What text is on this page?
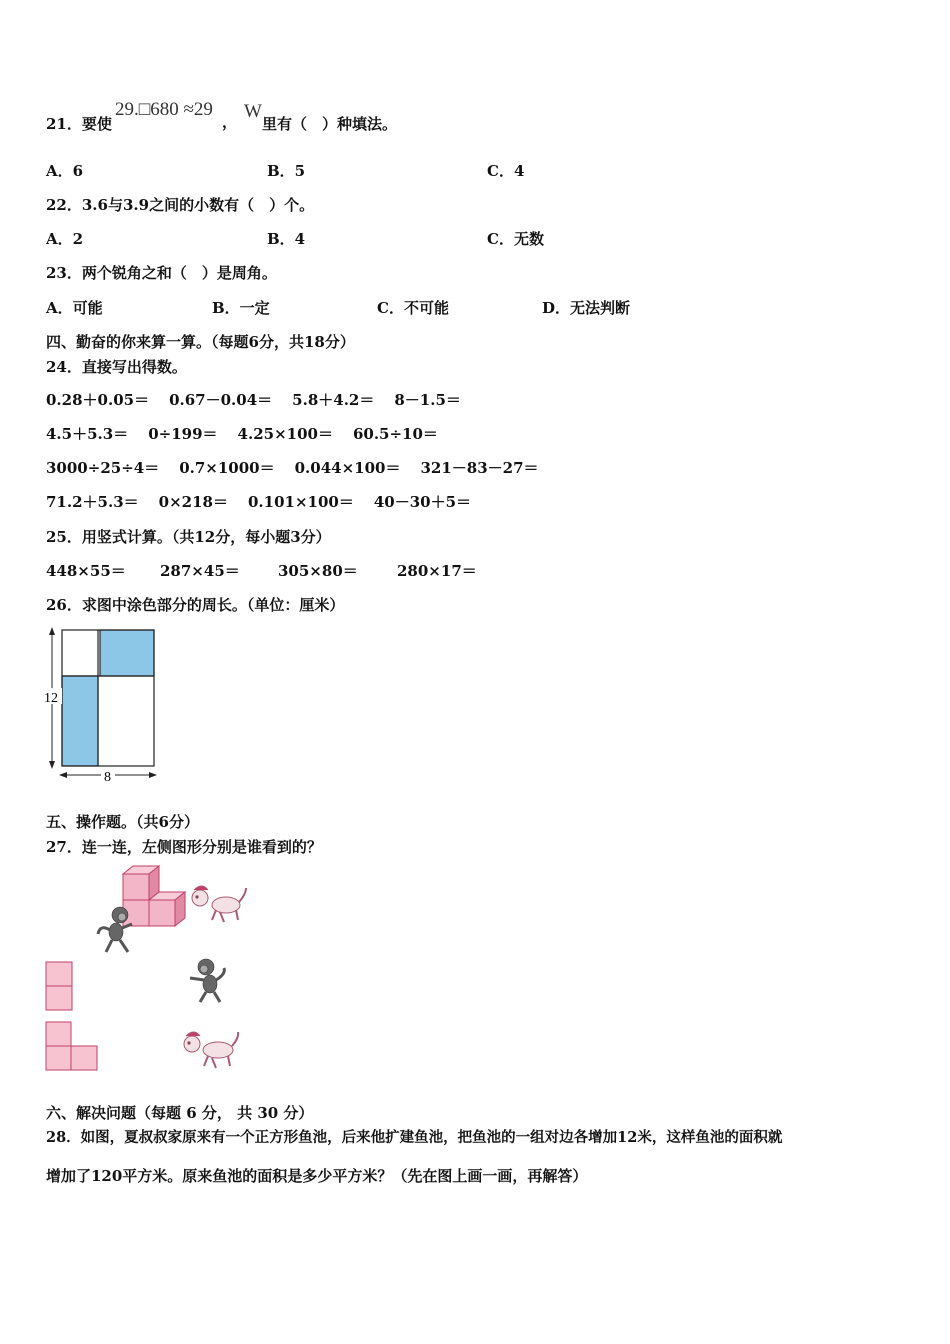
21．要使
29.□680 ≈29
， W
里有（　）种填法。
A．6	B．5	C．4
22．3.6与3.9之间的小数有（　）个。
A．2	B．4	C．无数
23．两个锐角之和（　）是周角。
A．可能	B．一定	C．不可能	D．无法判断
四、勤奋的你来算一算。（每题6分，共18分）
24．直接写出得数。
0.28＋0.05＝ 0.67－0.04＝ 5.8＋4.2＝ 8－1.5＝
4.5＋5.3＝ 0÷199＝ 4.25×100＝ 60.5÷10＝
3000÷25÷4＝ 0.7×1000＝ 0.044×100＝ 321－83－27＝
71.2＋5.3＝ 0×218＝ 0.101×100＝ 40－30＋5＝
25．用竖式计算。（共12分，每小题3分）
448×55＝ 287×45＝	305×80＝	280×17＝
26．求图中涂色部分的周长。（单位：厘米）
12
8
五、操作题。（共6分）
27．连一连，左侧图形分别是谁看到的？
六、解决问题（每题 6 分， 共 30 分）
28．如图，夏叔叔家原来有一个正方形鱼池，后来他扩建鱼池，把鱼池的一组对边各增加12米，这样鱼池的面积就
增加了120平方米。原来鱼池的面积是多少平方米？（先在图上画一画，再解答）
